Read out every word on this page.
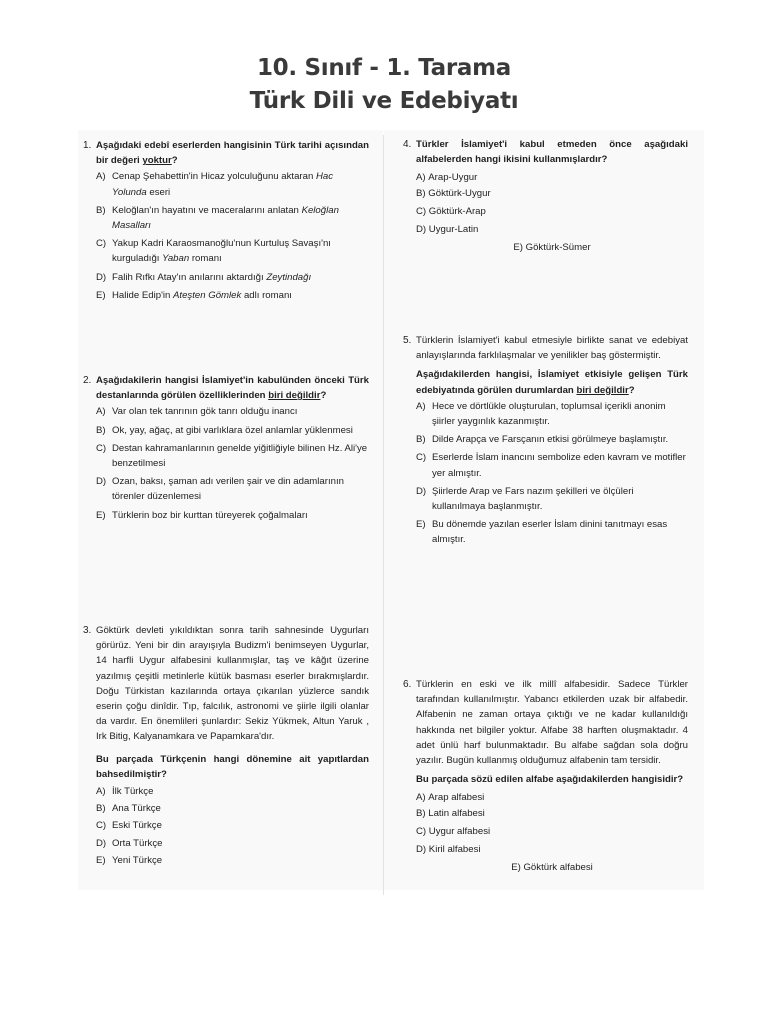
10. Sınıf - 1. Tarama
Türk Dili ve Edebiyatı
1. Aşağıdaki edebî eserlerden hangisinin Türk tarihi açısından bir değeri yoktur?

A) Cenap Şehabettin'in Hicaz yolculuğunu aktaran Hac Yolunda eseri
B) Keloğlan'ın hayatını ve maceralarını anlatan Keloğlan Masalları
C) Yakup Kadri Karaosmanoğlu'nun Kurtuluş Savaşı'nı kurguladığı Yaban romanı
D) Falih Rıfkı Atay'ın anılarını aktardığı Zeytindağı
E) Halide Edip'in Ateşten Gömlek adlı romanı
2. Aşağıdakilerin hangisi İslamiyet'in kabulünden önceki Türk destanlarında görülen özelliklerinden biri değildir?

A) Var olan tek tanrının gök tanrı olduğu inancı
B) Ok, yay, ağaç, at gibi varlıklara özel anlamlar yüklenmesi
C) Destan kahramanlarının genelde yiğitliğiyle bilinen Hz. Ali'ye benzetilmesi
D) Ozan, baksı, şaman adı verilen şair ve din adamlarının törenler düzenlemesi
E) Türklerin boz bir kurttan türeyerek çoğalmaları
3. Göktürk devleti yıkıldıktan sonra tarih sahnesinde Uygurları görürüz. Yeni bir din arayışıyla Budizm'i benimseyen Uygurlar, 14 harfli Uygur alfabesini kullanmışlar, taş ve kâğıt üzerine yazılmış çeşitli metinlerle kütük basması eserler bırakmışlardır. Doğu Türkistan kazılarında ortaya çıkarılan yüzlerce sandık eserin çoğu dinîdir. Tıp, falcılık, astronomi ve şiirle ilgili olanlar da vardır. En önemlileri şunlardır: Sekiz Yükmek, Altun Yaruk , Irk Bitig, Kalyanamkara ve Papamkara'dır.

Bu parçada Türkçenin hangi dönemine ait yapıtlardan bahsedilmiştir?

A) İlk Türkçe
B) Ana Türkçe
C) Eski Türkçe
D) Orta Türkçe
E) Yeni Türkçe
4. Türkler İslamiyet'i kabul etmeden önce aşağıdaki alfabelerden hangi ikisini kullanmışlardır?

A)
Arap-Uygur
B)
Göktürk-Uygur
C)
Göktürk-Arap
D)
Uygur-Latin
E) Göktürk-Sümer
5. Türklerin İslamiyet'i kabul etmesiyle birlikte sanat ve edebiyat anlayışlarında farklılaşmalar ve yenilikler baş göstermiştir.

Aşağıdakilerden hangisi, İslamiyet etkisiyle gelişen Türk edebiyatında görülen durumlardan biri değildir?

A) Hece ve dörtlükle oluşturulan, toplumsal içerikli anonim şiirler yaygınlık kazanmıştır.
B) Dilde Arapça ve Farsçanın etkisi görülmeye başlamıştır.
C) Eserlerde İslam inancını sembolize eden kavram ve motifler yer almıştır.
D) Şiirlerde Arap ve Fars nazım şekilleri ve ölçüleri kullanılmaya başlanmıştır.
E) Bu dönemde yazılan eserler İslam dinini tanıtmayı esas almıştır.
6. Türklerin en eski ve ilk millî alfabesidir. Sadece Türkler tarafından kullanılmıştır. Yabancı etkilerden uzak bir alfabedir. Alfabenin ne zaman ortaya çıktığı ve ne kadar kullanıldığı hakkında net bilgiler yoktur. Alfabe 38 harften oluşmaktadır. 4 adet ünlü harf bulunmaktadır. Bu alfabe sağdan sola doğru yazılır. Bugün kullanmış olduğumuz alfabenin tam tersidir.

Bu parçada sözü edilen alfabe aşağıdakilerden hangisidir?

A)
Arap alfabesi
B)
Latin alfabesi
C)
Uygur alfabesi
D)
Kiril alfabesi
E) Göktürk alfabesi
